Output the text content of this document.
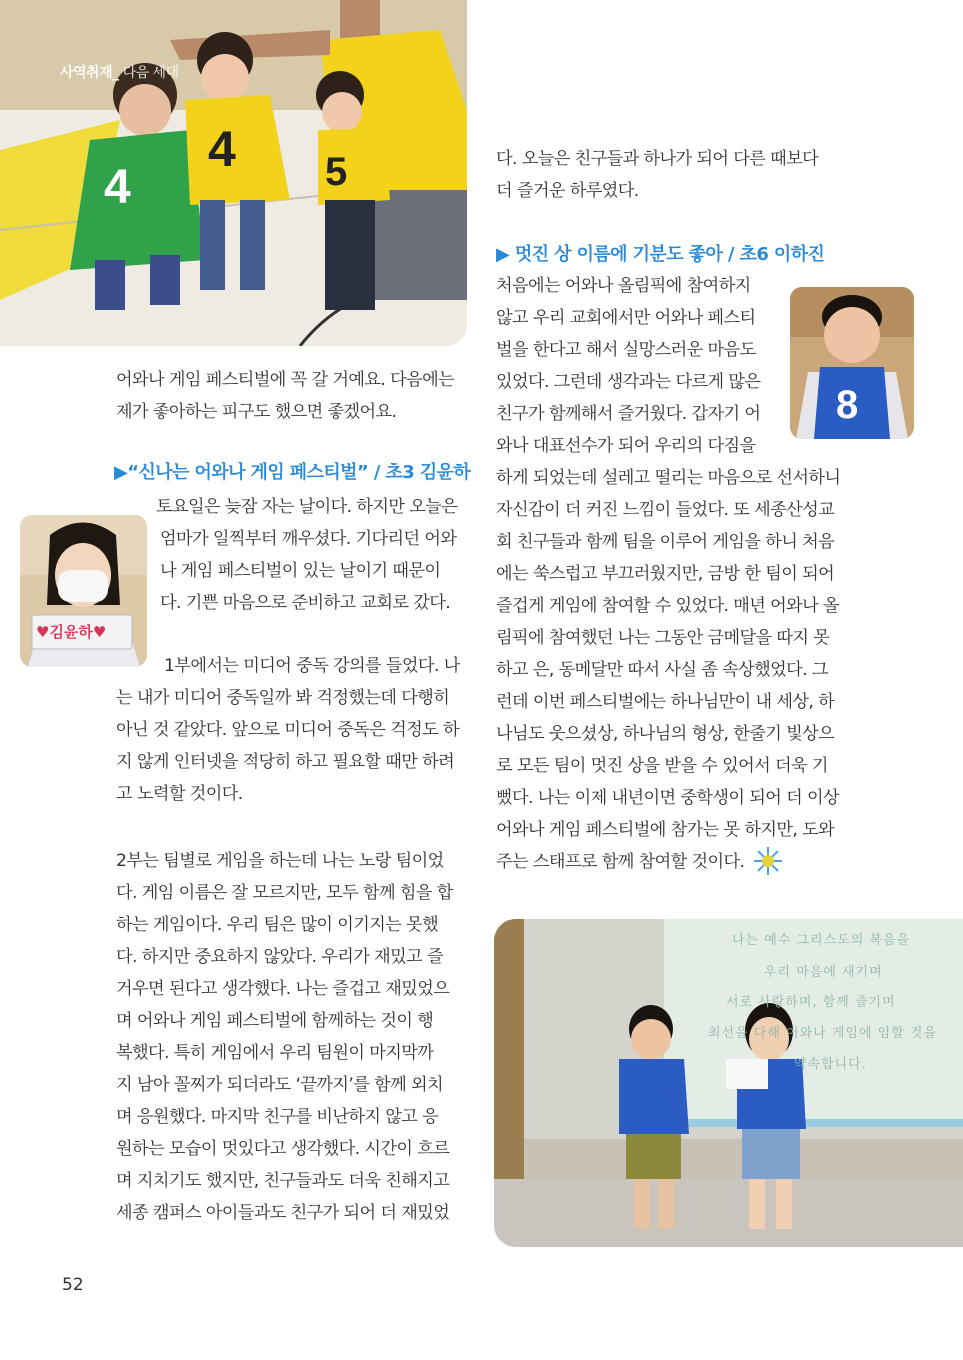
4
4 5
사역취재_ 다음 세대
어와나 게임 페스티벌에 꼭 갈 거예요. 다음에는
제가 좋아하는 피구도 했으면 좋겠어요.
▶“신나는 어와나 게임 페스티벌” / 초3 김윤하
♥김윤하♥
토요일은 늦잠 자는 날이다. 하지만 오늘은
엄마가 일찍부터 깨우셨다. 기다리던 어와
나 게임 페스티벌이 있는 날이기 때문이
다. 기쁜 마음으로 준비하고 교회로 갔다.
1부에서는 미디어 중독 강의를 들었다. 나
는 내가 미디어 중독일까 봐 걱정했는데 다행히
아닌 것 같았다. 앞으로 미디어 중독은 걱정도 하
지 않게 인터넷을 적당히 하고 필요할 때만 하려
고 노력할 것이다.
2부는 팀별로 게임을 하는데 나는 노랑 팀이었
다. 게임 이름은 잘 모르지만, 모두 함께 힘을 합
하는 게임이다. 우리 팀은 많이 이기지는 못했
다. 하지만 중요하지 않았다. 우리가 재밌고 즐
거우면 된다고 생각했다. 나는 즐겁고 재밌었으
며 어와나 게임 페스티벌에 함께하는 것이 행
복했다. 특히 게임에서 우리 팀원이 마지막까
지 남아 꼴찌가 되더라도 ‘끝까지’를 함께 외치
며 응원했다. 마지막 친구를 비난하지 않고 응
원하는 모습이 멋있다고 생각했다. 시간이 흐르
며 지치기도 했지만, 친구들과도 더욱 친해지고
세종 캠퍼스 아이들과도 친구가 되어 더 재밌었
다. 오늘은 친구들과 하나가 되어 다른 때보다
더 즐거운 하루였다.
▶ 멋진 상 이름에 기분도 좋아 / 초6 이하진
8
처음에는 어와나 올림픽에 참여하지
않고 우리 교회에서만 어와나 페스티
벌을 한다고 해서 실망스러운 마음도
있었다. 그런데 생각과는 다르게 많은
친구가 함께해서 즐거웠다. 갑자기 어
와나 대표선수가 되어 우리의 다짐을
하게 되었는데 설레고 떨리는 마음으로 선서하니
자신감이 더 커진 느낌이 들었다. 또 세종산성교
회 친구들과 함께 팀을 이루어 게임을 하니 처음
에는 쑥스럽고 부끄러웠지만, 금방 한 팀이 되어
즐겁게 게임에 참여할 수 있었다. 매년 어와나 올
림픽에 참여했던 나는 그동안 금메달을 따지 못
하고 은, 동메달만 따서 사실 좀 속상했었다. 그
런데 이번 페스티벌에는 하나님만이 내 세상, 하
나님도 웃으셨상, 하나님의 형상, 한줄기 빛상으
로 모든 팀이 멋진 상을 받을 수 있어서 더욱 기
뻤다. 나는 이제 내년이면 중학생이 되어 더 이상
어와나 게임 페스티벌에 참가는 못 하지만, 도와
주는 스태프로 함께 참여할 것이다.
나는 예수 그리스도의 복음을
우리 마음에 새기며
서로 사랑하며, 함께 즐기며
최선을 다해 어와나 게임에 임할 것을
약속합니다.
52
